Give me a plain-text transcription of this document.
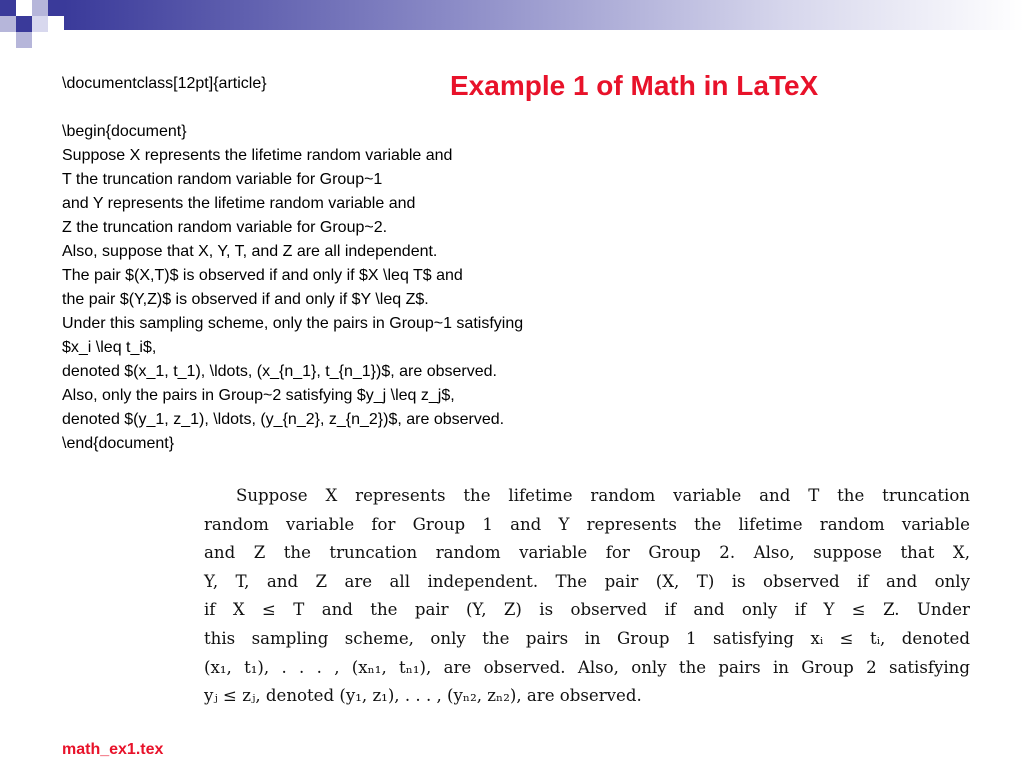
Example 1 of Math in LaTeX
\documentclass[12pt]{article}
\begin{document}
Suppose X represents the lifetime random variable and
T the truncation random variable for Group~1
and Y represents the lifetime random variable and
Z the truncation random variable for Group~2.
Also, suppose that X, Y, T, and Z are all independent.
The pair $(X,T)$ is observed if and only if $X \leq T$ and
the pair $(Y,Z)$ is observed if and only if $Y \leq Z$.
Under this sampling scheme, only the pairs in Group~1 satisfying
$x_i \leq t_i$,
denoted $(x_1, t_1), \ldots, (x_{n_1}, t_{n_1})$, are observed.
Also, only the pairs in Group~2 satisfying $y_j \leq z_j$,
denoted $(y_1, z_1), \ldots, (y_{n_2}, z_{n_2})$, are observed.
\end{document}
Suppose X represents the lifetime random variable and T the truncation
random variable for Group 1 and Y represents the lifetime random variable
and Z the truncation random variable for Group 2. Also, suppose that X,
Y, T, and Z are all independent. The pair (X, T) is observed if and only
if X ≤ T and the pair (Y, Z) is observed if and only if Y ≤ Z. Under
this sampling scheme, only the pairs in Group 1 satisfying xᵢ ≤ tᵢ, denoted
(x₁, t₁), . . . , (xₙ₁, tₙ₁), are observed. Also, only the pairs in Group 2 satisfying
yⱼ ≤ zⱼ, denoted (y₁, z₁), . . . , (yₙ₂, zₙ₂), are observed.
math_ex1.tex
